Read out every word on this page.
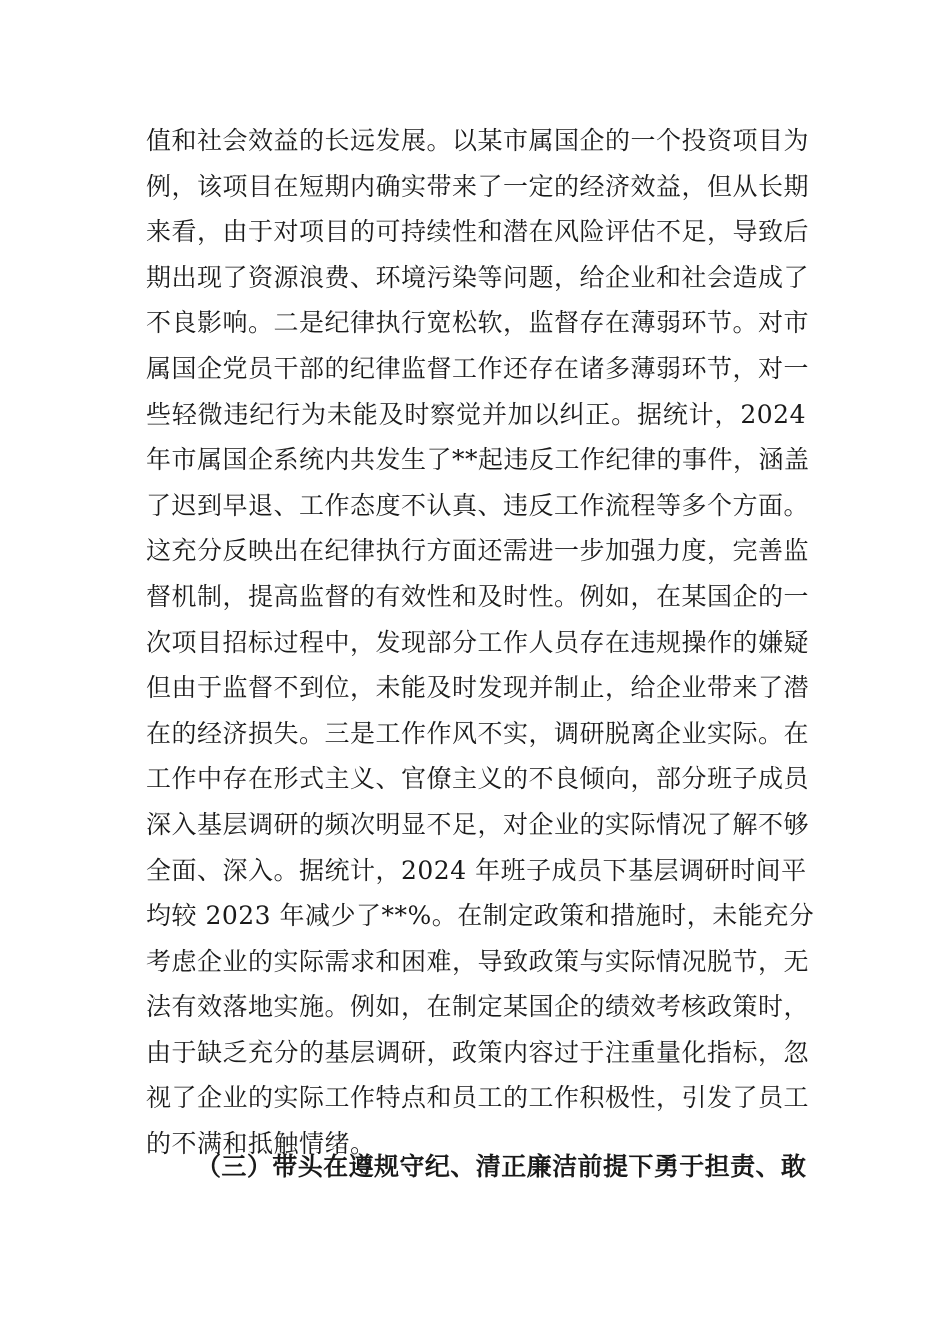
值和社会效益的长远发展。以某市属国企的一个投资项目为
例，该项目在短期内确实带来了一定的经济效益，但从长期
来看，由于对项目的可持续性和潜在风险评估不足，导致后
期出现了资源浪费、环境污染等问题，给企业和社会造成了
不良影响。二是纪律执行宽松软，监督存在薄弱环节。对市
属国企党员干部的纪律监督工作还存在诸多薄弱环节，对一
些轻微违纪行为未能及时察觉并加以纠正。据统计，2024
年市属国企系统内共发生了**起违反工作纪律的事件，涵盖
了迟到早退、工作态度不认真、违反工作流程等多个方面。
这充分反映出在纪律执行方面还需进一步加强力度，完善监
督机制，提高监督的有效性和及时性。例如，在某国企的一
次项目招标过程中，发现部分工作人员存在违规操作的嫌疑
但由于监督不到位，未能及时发现并制止，给企业带来了潜
在的经济损失。三是工作作风不实，调研脱离企业实际。在
工作中存在形式主义、官僚主义的不良倾向，部分班子成员
深入基层调研的频次明显不足，对企业的实际情况了解不够
全面、深入。据统计，2024 年班子成员下基层调研时间平
均较 2023 年减少了**%。在制定政策和措施时，未能充分
考虑企业的实际需求和困难，导致政策与实际情况脱节，无
法有效落地实施。例如，在制定某国企的绩效考核政策时，
由于缺乏充分的基层调研，政策内容过于注重量化指标，忽
视了企业的实际工作特点和员工的工作积极性，引发了员工
的不满和抵触情绪。
（三）带头在遵规守纪、清正廉洁前提下勇于担责、敢
